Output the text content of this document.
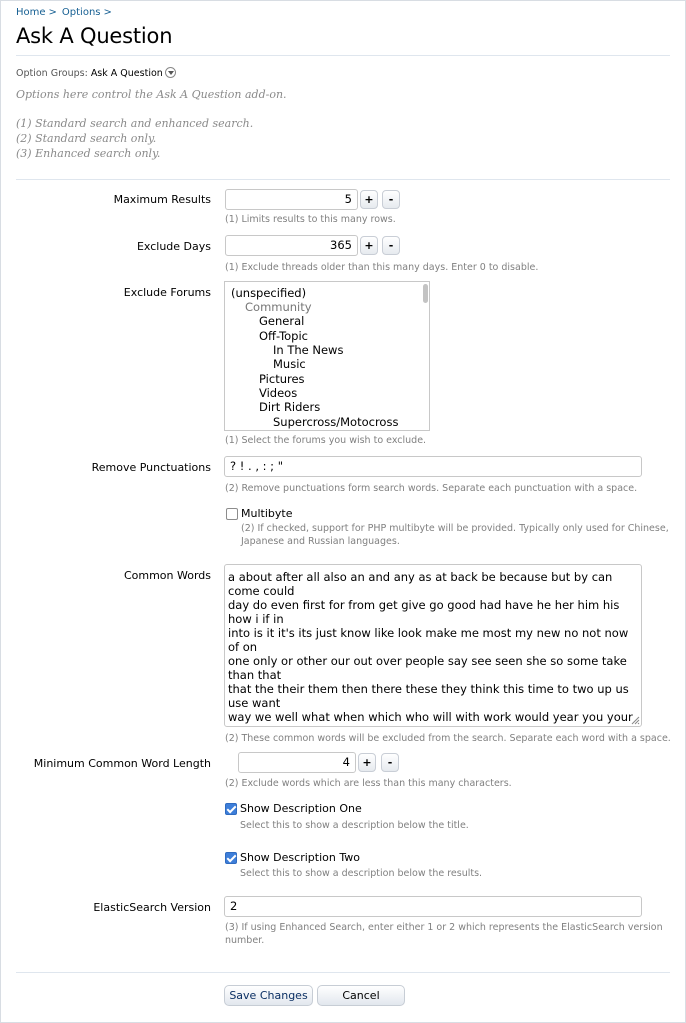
Home > Options >
Ask A Question
Option Groups: Ask A Question
Options here control the Ask A Question add-on.
(1) Standard search and enhanced search.
(2) Standard search only.
(3) Enhanced search only.
Maximum Results	5	+	-
(1) Limits results to this many rows.
Exclude Days	365	+	-
(1) Exclude threads older than this many days. Enter 0 to disable.
Exclude Forums (unspecified)
Community
General
Off-Topic
In The News
Music
Pictures
Videos
Dirt Riders
Supercross/Motocross
(1) Select the forums you wish to exclude.
Remove Punctuations	? ! . , : ; "
(2) Remove punctuations form search words. Separate each punctuation with a space.
Multibyte
(2) If checked, support for PHP multibyte will be provided. Typically only used for Chinese,
Japanese and Russian languages.
Common Words a about after all also an and any as at back be because but by can come could
day do even first for from get give go good had have he her him his how i if in
into is it it's its just know like look make me most my new no not now of on
one only or other our out over people say see seen she so some take than that
that the their them then there these they think this time to two up us use want
way we well what when which who will with work would year you your
(2) These common words will be excluded from the search. Separate each word with a space.
Minimum Common Word Length	4	+	-
(2) Exclude words which are less than this many characters.
Show Description One
Select this to show a description below the title.
Show Description Two
Select this to show a description below the results.
ElasticSearch Version	2
(3) If using Enhanced Search, enter either 1 or 2 which represents the ElasticSearch version
number.
Save Changes	Cancel
